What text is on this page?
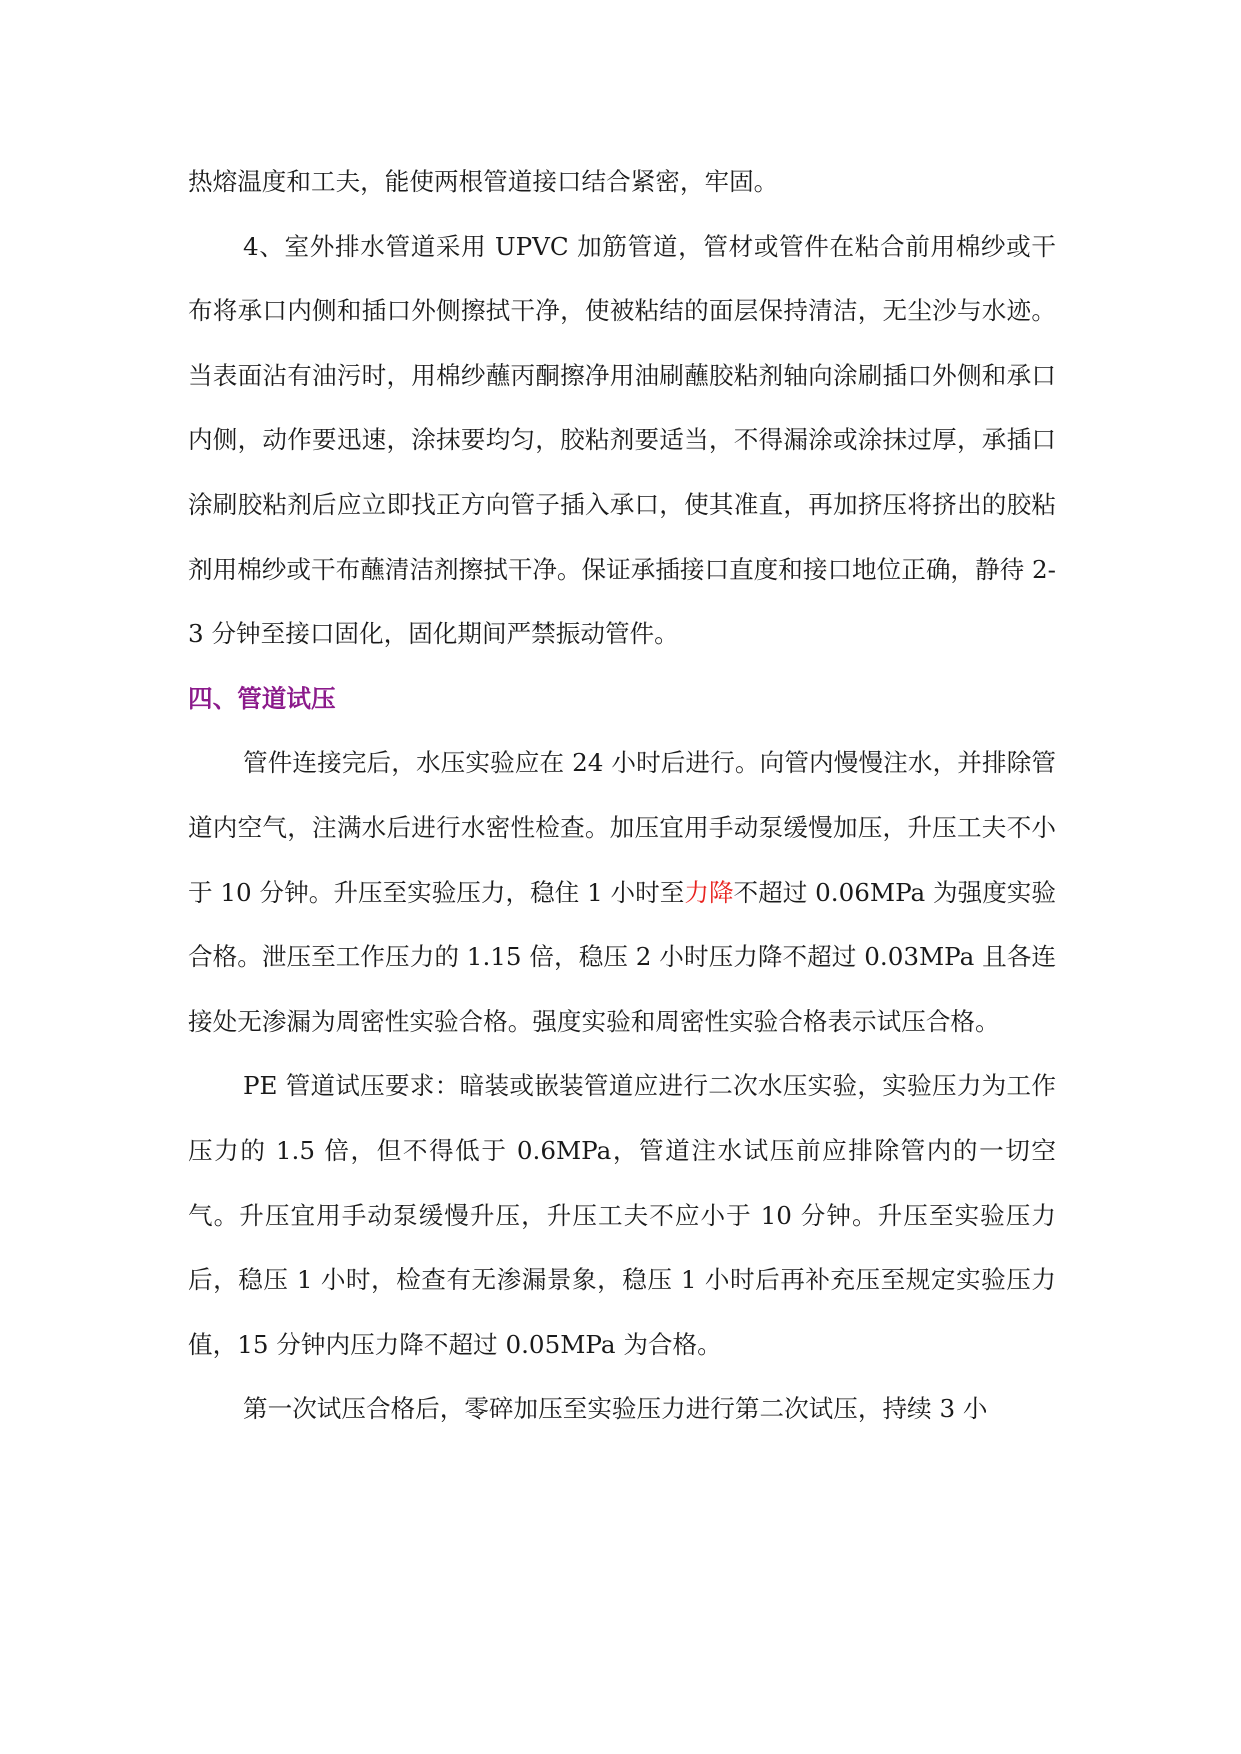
热熔温度和工夫，能使两根管道接口结合紧密，牢固。

4、室外排水管道采用 UPVC 加筋管道，管材或管件在粘合前用棉纱或干布将承口内侧和插口外侧擦拭干净，使被粘结的面层保持清洁，无尘沙与水迹。当表面沾有油污时，用棉纱蘸丙酮擦净用油刷蘸胶粘剂轴向涂刷插口外侧和承口内侧，动作要迅速，涂抹要均匀，胶粘剂要适当，不得漏涂或涂抹过厚，承插口涂刷胶粘剂后应立即找正方向管子插入承口，使其准直，再加挤压将挤出的胶粘剂用棉纱或干布蘸清洁剂擦拭干净。保证承插接口直度和接口地位正确，静待 2-3 分钟至接口固化，固化期间严禁振动管件。

四、管道试压

管件连接完后，水压实验应在 24 小时后进行。向管内慢慢注水，并排除管道内空气，注满水后进行水密性检查。加压宜用手动泵缓慢加压，升压工夫不小于 10 分钟。升压至实验压力，稳住 1 小时至力降不超过 0.06MPa 为强度实验合格。泄压至工作压力的 1.15 倍，稳压 2 小时压力降不超过 0.03MPa 且各连接处无渗漏为周密性实验合格。强度实验和周密性实验合格表示试压合格。

PE 管道试压要求：暗装或嵌装管道应进行二次水压实验，实验压力为工作压力的 1.5 倍，但不得低于 0.6MPa，管道注水试压前应排除管内的一切空气。升压宜用手动泵缓慢升压，升压工夫不应小于 10 分钟。升压至实验压力后，稳压 1 小时，检查有无渗漏景象，稳压 1 小时后再补充压至规定实验压力值，15 分钟内压力降不超过 0.05MPa 为合格。

第一次试压合格后，零碎加压至实验压力进行第二次试压，持续 3 小
